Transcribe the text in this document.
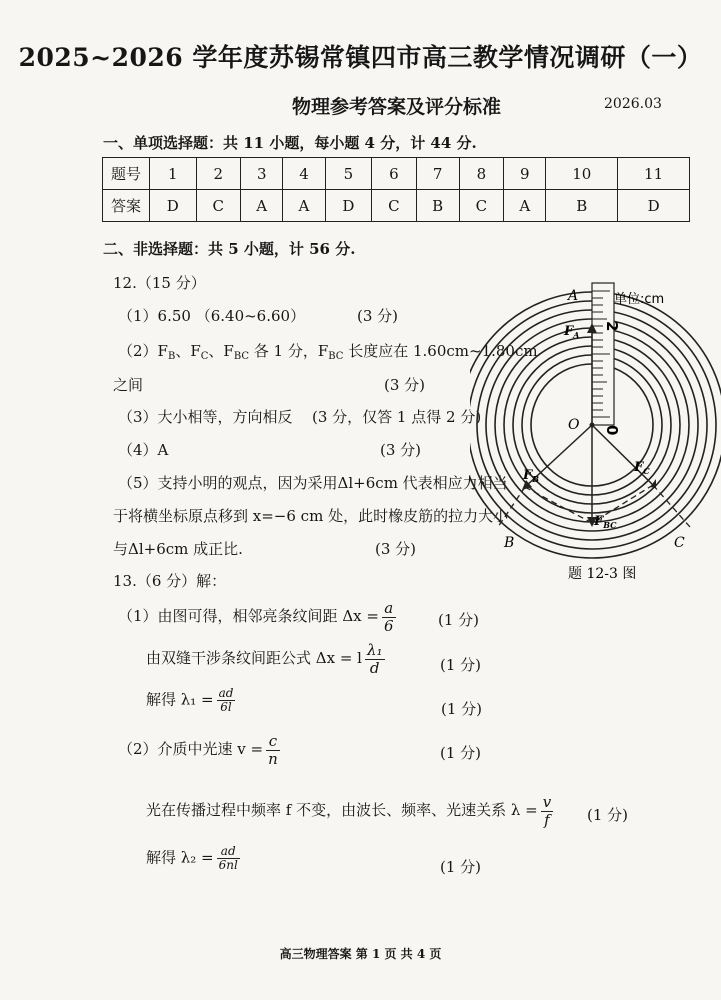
2025~2026 学年度苏锡常镇四市高三教学情况调研（一）
物理参考答案及评分标准	2026.03
一、单项选择题：共 11 小题，每小题 4 分，计 44 分.
题号	1	2	3	4	5	6	7	8	9	10	11
答案	D	C	A	A	D	C	B	C	A	B	D
二、非选择题：共 5 小题，计 56 分.
12.（15 分）
（1）6.50 （6.40~6.60）	(3 分)
$(2)F_B$、$F_C$、$F_{BC}$ 各 1 分，$F_{BC}$ 长度应在 1.60cm~1.80cm
之间	(3 分)
（3）大小相等，方向相反 (3 分，仅答 1 点得 2 分)
（4）A	(3 分)
（5）支持小明的观点，因为采用Δl+6cm 代表相应力相当
于将横坐标原点移到 x=−6 cm 处，此时橡皮筋的拉力大小
与Δl+6cm 成正比.	(3 分)
2
0
单位:cm
A
O
B	C
$F_A$
$F_B$
$F_C$
$F_{BC}$
题 12-3 图
13.（6 分）解：
（1）由图可得，相邻亮条纹间距 $\Delta x = \frac{a}{6}$	(1 分)
由双缝干涉条纹间距公式 Δx = l $\frac{\text{λ₁}}{d}$	(1 分)
解得 $\lambda_1 = \frac{ad}{6l}$	(1 分)
（2）介质中光速 $v = \frac{c}{n}$	(1 分)
光在传播过程中频率 f 不变，由波长、频率、光速关系 $\lambda = \frac{v}{f} (1$ 分)
解得 $\lambda_2 = \frac{ad}{6nl}$	(1 分)
高三物理答案 第 1 页 共 4 页
